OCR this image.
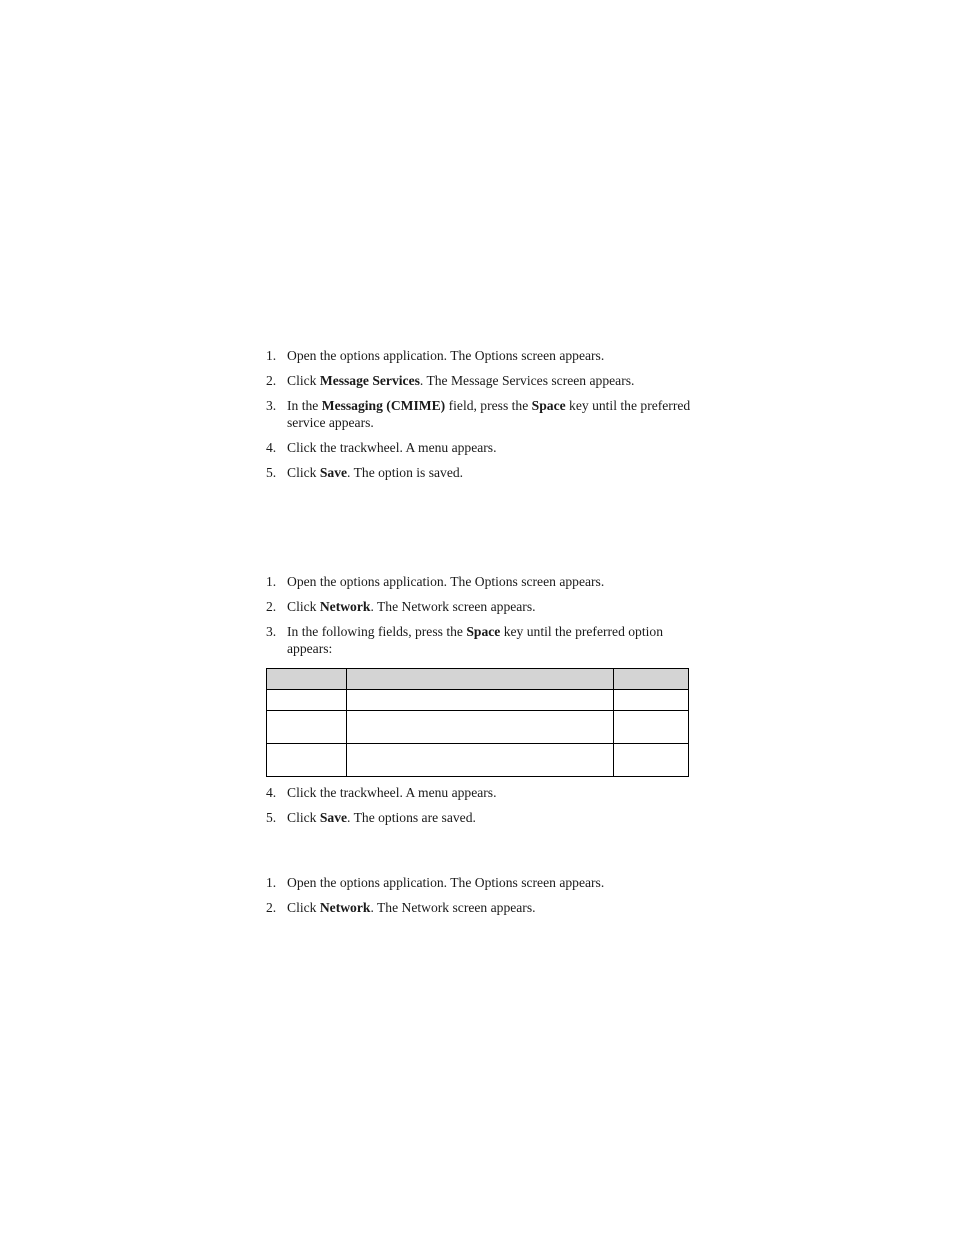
1. Open the options application. The Options screen appears.
2. Click Message Services. The Message Services screen appears.
3. In the Messaging (CMIME) field, press the Space key until the preferred service appears.
4. Click the trackwheel. A menu appears.
5. Click Save. The option is saved.
1. Open the options application. The Options screen appears.
2. Click Network. The Network screen appears.
3. In the following fields, press the Space key until the preferred option appears:

4. Click the trackwheel. A menu appears.
5. Click Save. The options are saved.
1. Open the options application. The Options screen appears.
2. Click Network. The Network screen appears.
